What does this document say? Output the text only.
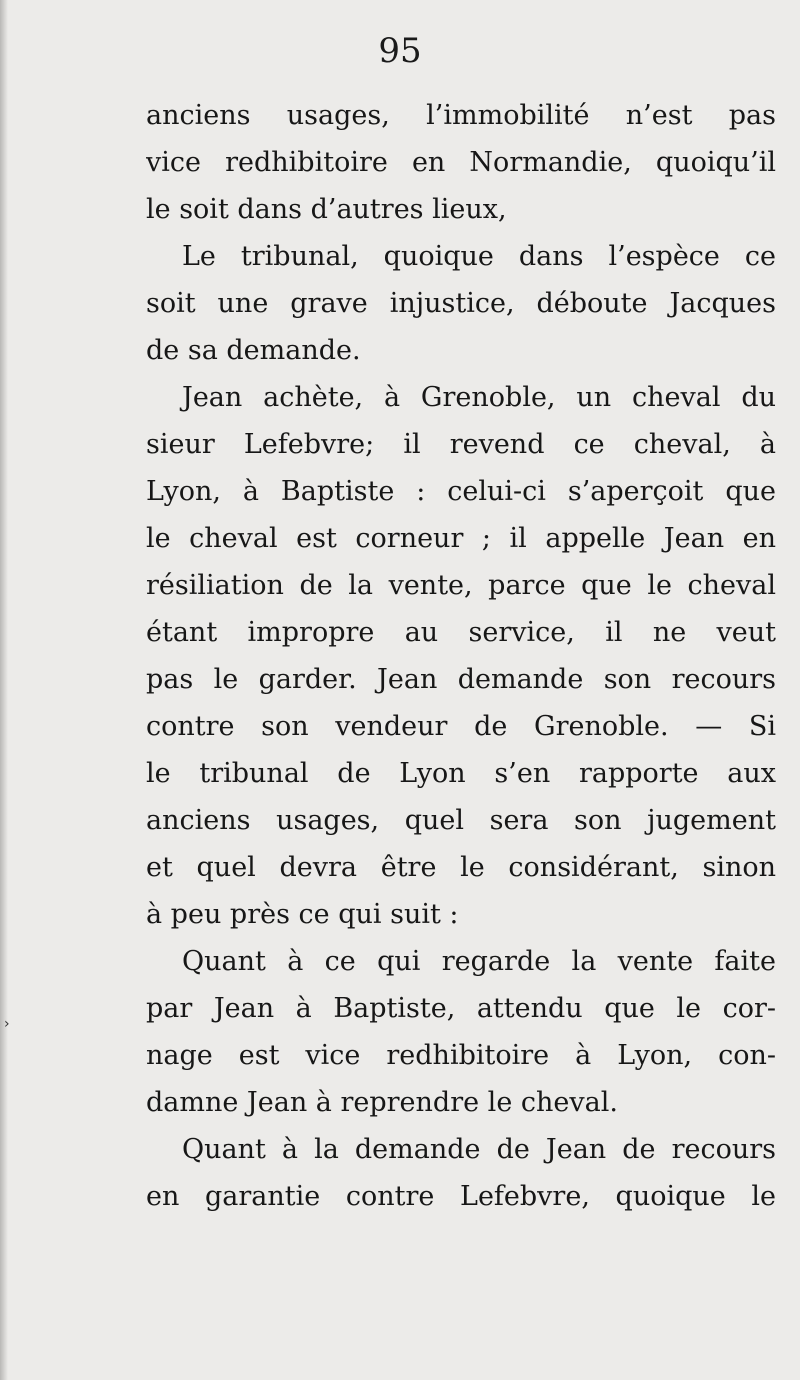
›
95
anciens usages, l’immobilité n’est pas
vice redhibitoire en Normandie, quoiqu’il
le soit dans d’autres lieux,
Le tribunal, quoique dans l’espèce ce
soit une grave injustice, déboute Jacques
de sa demande.
Jean achète, à Grenoble, un cheval du
sieur Lefebvre; il revend ce cheval, à
Lyon, à Baptiste : celui-ci s’aperçoit que
le cheval est corneur ; il appelle Jean en
résiliation de la vente, parce que le cheval
étant impropre au service, il ne veut
pas le garder. Jean demande son recours
contre son vendeur de Grenoble. — Si
le tribunal de Lyon s’en rapporte aux
anciens usages, quel sera son jugement
et quel devra être le considérant, sinon
à peu près ce qui suit :
Quant à ce qui regarde la vente faite
par Jean à Baptiste, attendu que le cor-
nage est vice redhibitoire à Lyon, con-
damne Jean à reprendre le cheval.
Quant à la demande de Jean de recours
en garantie contre Lefebvre, quoique le
